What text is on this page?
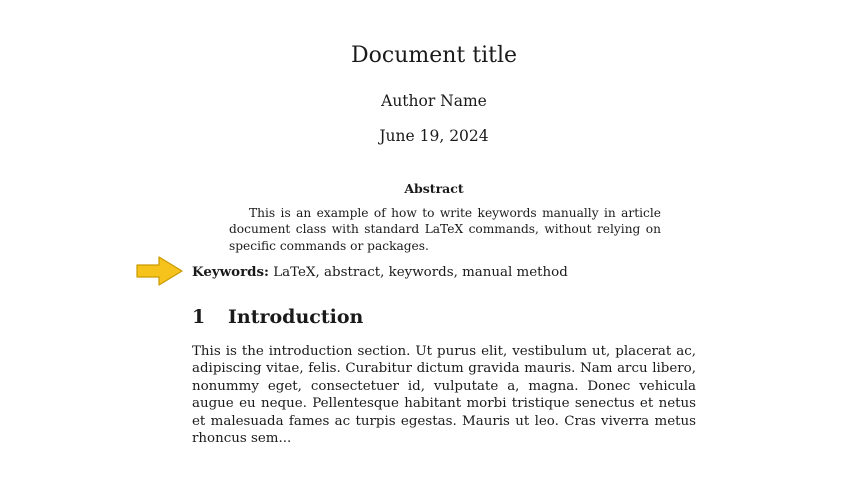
Document title
Author Name
June 19, 2024
Abstract

This is an example of how to write keywords manually in article document class with standard LaTeX commands, without relying on specific commands or packages.

Keywords: LaTeX, abstract, keywords, manual method
1 Introduction

This is the introduction section. Ut purus elit, vestibulum ut, placerat ac, adipiscing vitae, felis. Curabitur dictum gravida mauris. Nam arcu libero, nonummy eget, consectetuer id, vulputate a, magna. Donec vehicula augue eu neque. Pellentesque habitant morbi tristique senectus et netus et malesuada fames ac turpis egestas. Mauris ut leo. Cras viverra metus rhoncus sem...
